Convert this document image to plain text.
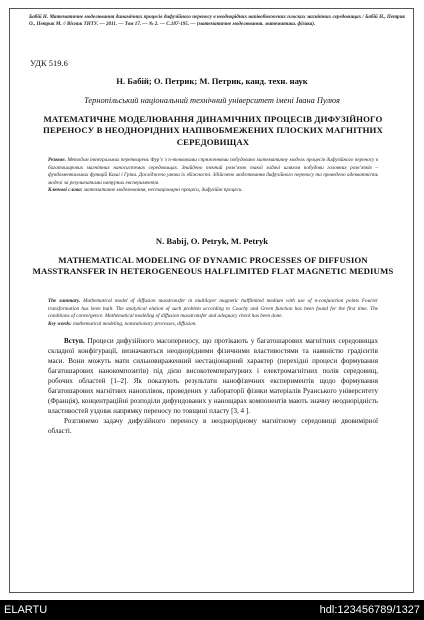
Бабій Н. Математичне моделювання динамічних процесів дифузійного переносу в неоднорідних напівобмежених плоских магнітних середовищах / Бабій Н., Петрик О., Петрик М. // Вісник ТНТУ. — 2011. — Том 17. — № 2. — С.187-195. — (математичне моделювання. математика. фізика).
УДК 519.6
Н. Бабій; О. Петрик; М. Петрик, канд. техн. наук
Тернопільський національний технічний університет імені Івана Пулюя
МАТЕМАТИЧНЕ МОДЕЛЮВАННЯ ДИНАМІЧНИХ ПРОЦЕСІВ ДИФУЗІЙНОГО ПЕРЕНОСУ В НЕОДНОРІДНИХ НАПІВОБМЕЖЕНИХ ПЛОСКИХ МАГНІТНИХ СЕРЕДОВИЩАХ
Резюме. Методом інтегральних перетворень Фур’є з n-точковими спряженнями побудовано математичну модель процесів дифузійного переносу в багатошарових магнітних наносистемах середовищах. Знайдено точний розв’язок такої задачі шляхом побудови головних розв’язків – фундаментальних функцій Коші і Гріна. Досліджено умови їх збіжності. Здійснено моделювання дифузійного переносу та проведено адекватність моделі за результатами натурних експериментів.
Ключові слова: математичне моделювання, нестаціонарні процеси, дифузійні процеси.
N. Babij, O. Petryk, M. Petryk
MATHEMATICAL MODELING OF DYNAMIC PROCESSES OF DIFFUSION MASSTRANSFER IN HETEROGENEOUS HALFLIMITED FLAT MAGNETIC MEDIUMS
The summary. Mathematical model of diffusion masstransfer in multilayer magnetic halflimited medium with use of n-conjunction points Fourier transformation has been built. The analytical elution of such problem according to Couchy and Green function has been found for the first time. The conditions of convergence. Mathematical modeling of diffusion masstransfer and adequacy check has been done.
Key words: mathematical modeling, nonstationary processes, diffusion.

Вступ. Процеси дифузійного масопереносу, що протікають у багатошарових магнітних середовищах складної конфігурації, визначаються неоднорідними фізичними властивостями та наявністю градієнтів маси. Вони можуть мати сильновираженний нестаціонарний характер (перехідні процеси формування багатошарових нанокомпозитів) під дією високотемпературних і електромагнітних полів середовищ, робочих областей [1–2]. Як показують результати нанофізичних експериментів щодо формування багатошарових магнітних наноплівок, проведених у лабораторії фізики матеріалів Руанського університету (Франція), концентраційні розподіли дифундованих у нанощарах компонентів мають значну неоднорідність властивостей уздовж напрямку переносу по товщині пласту [3, 4 ].

Розглянемо задачу дифузійного переносу в неоднорідному магнітному середовищі двовимірної області.

ELARTU	hdl:123456789/1327
